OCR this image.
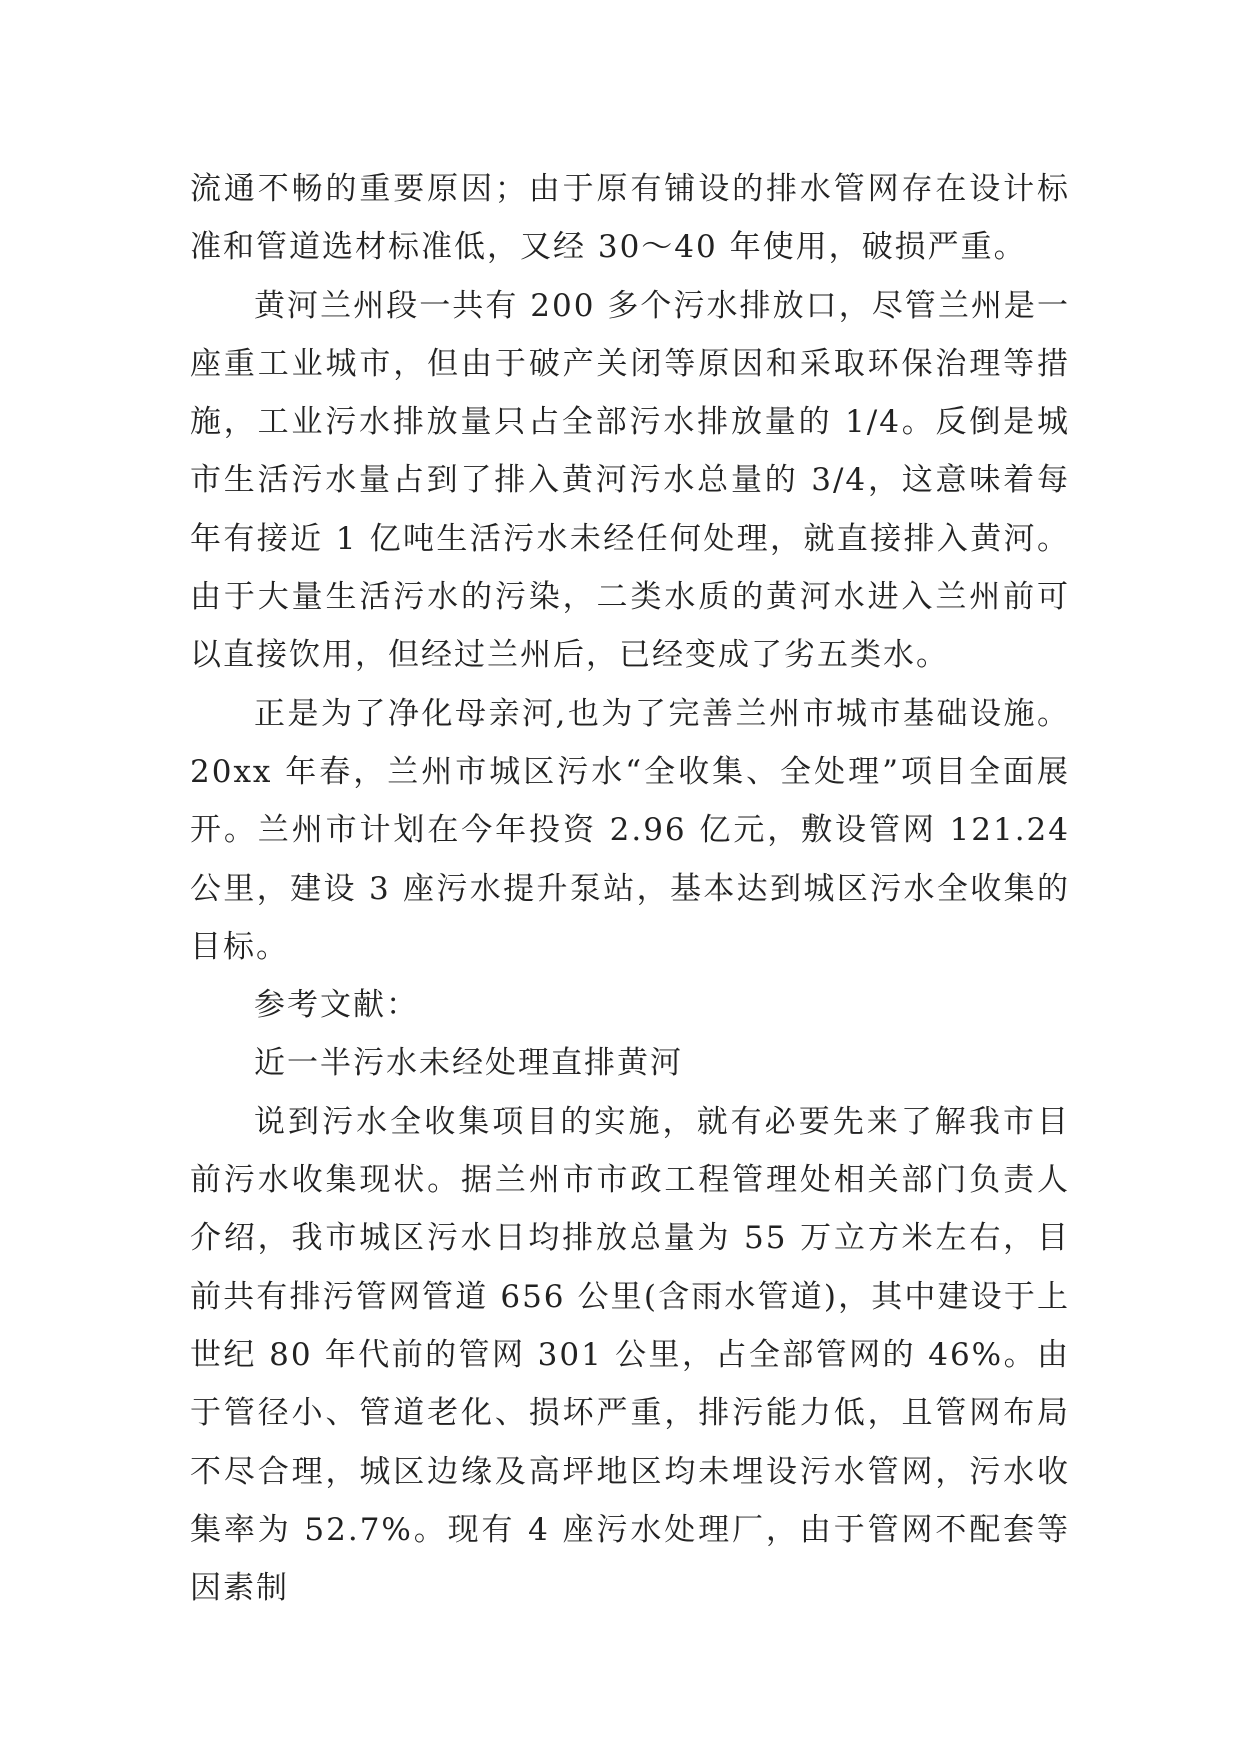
流通不畅的重要原因；由于原有铺设的排水管网存在设计标准和管道选材标准低，又经 30～40 年使用，破损严重。

黄河兰州段一共有 200 多个污水排放口，尽管兰州是一座重工业城市，但由于破产关闭等原因和采取环保治理等措施，工业污水排放量只占全部污水排放量的 1/4。反倒是城市生活污水量占到了排入黄河污水总量的 3/4，这意味着每年有接近 1 亿吨生活污水未经任何处理，就直接排入黄河。由于大量生活污水的污染，二类水质的黄河水进入兰州前可以直接饮用，但经过兰州后，已经变成了劣五类水。

正是为了净化母亲河,也为了完善兰州市城市基础设施。20xx 年春，兰州市城区污水“全收集、全处理”项目全面展开。兰州市计划在今年投资 2.96 亿元，敷设管网 121.24 公里，建设 3 座污水提升泵站，基本达到城区污水全收集的目标。

参考文献：

近一半污水未经处理直排黄河

说到污水全收集项目的实施，就有必要先来了解我市目前污水收集现状。据兰州市市政工程管理处相关部门负责人介绍，我市城区污水日均排放总量为 55 万立方米左右，目前共有排污管网管道 656 公里(含雨水管道)，其中建设于上世纪 80 年代前的管网 301 公里，占全部管网的 46%。由于管径小、管道老化、损坏严重，排污能力低，且管网布局不尽合理，城区边缘及高坪地区均未埋设污水管网，污水收集率为 52.7%。现有 4 座污水处理厂，由于管网不配套等因素制
